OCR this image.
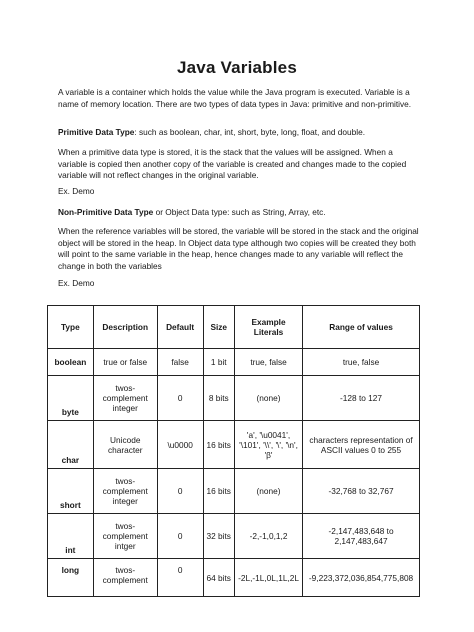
Java Variables

A variable is a container which holds the value while the Java program is executed. Variable is a name of memory location. There are two types of data types in Java: primitive and non-primitive.

Primitive Data Type: such as boolean, char, int, short, byte, long, float, and double.

When a primitive data type is stored, it is the stack that the values will be assigned. When a variable is copied then another copy of the variable is created and changes made to the copied variable will not reflect changes in the original variable.

Ex. Demo

Non-Primitive Data Type or Object Data type: such as String, Array, etc.

When the reference variables will be stored, the variable will be stored in the stack and the original object will be stored in the heap. In Object data type although two copies will be created they both will point to the same variable in the heap, hence changes made to any variable will reflect the change in both the variables

Ex. Demo

Type	Description	Default	Size	Example Literals	Range of values
boolean	true or false	false	1 bit	true, false	true, false
byte	twos-complement integer	0	8 bits	(none)	-128 to 127
char	Unicode character	\u0000	16 bits	'a', '\u0041', '\101', '\\', '\', '\n', 'β'	characters representation of ASCII values 0 to 255
short	twos-complement integer	0	16 bits	(none)	-32,768 to 32,767
int	twos-complement intger	0	32 bits	-2,-1,0,1,2	-2,147,483,648 to 2,147,483,647
long	twos-complement	0	64 bits	-2L,-1L,0L,1L,2L	-9,223,372,036,854,775,808
